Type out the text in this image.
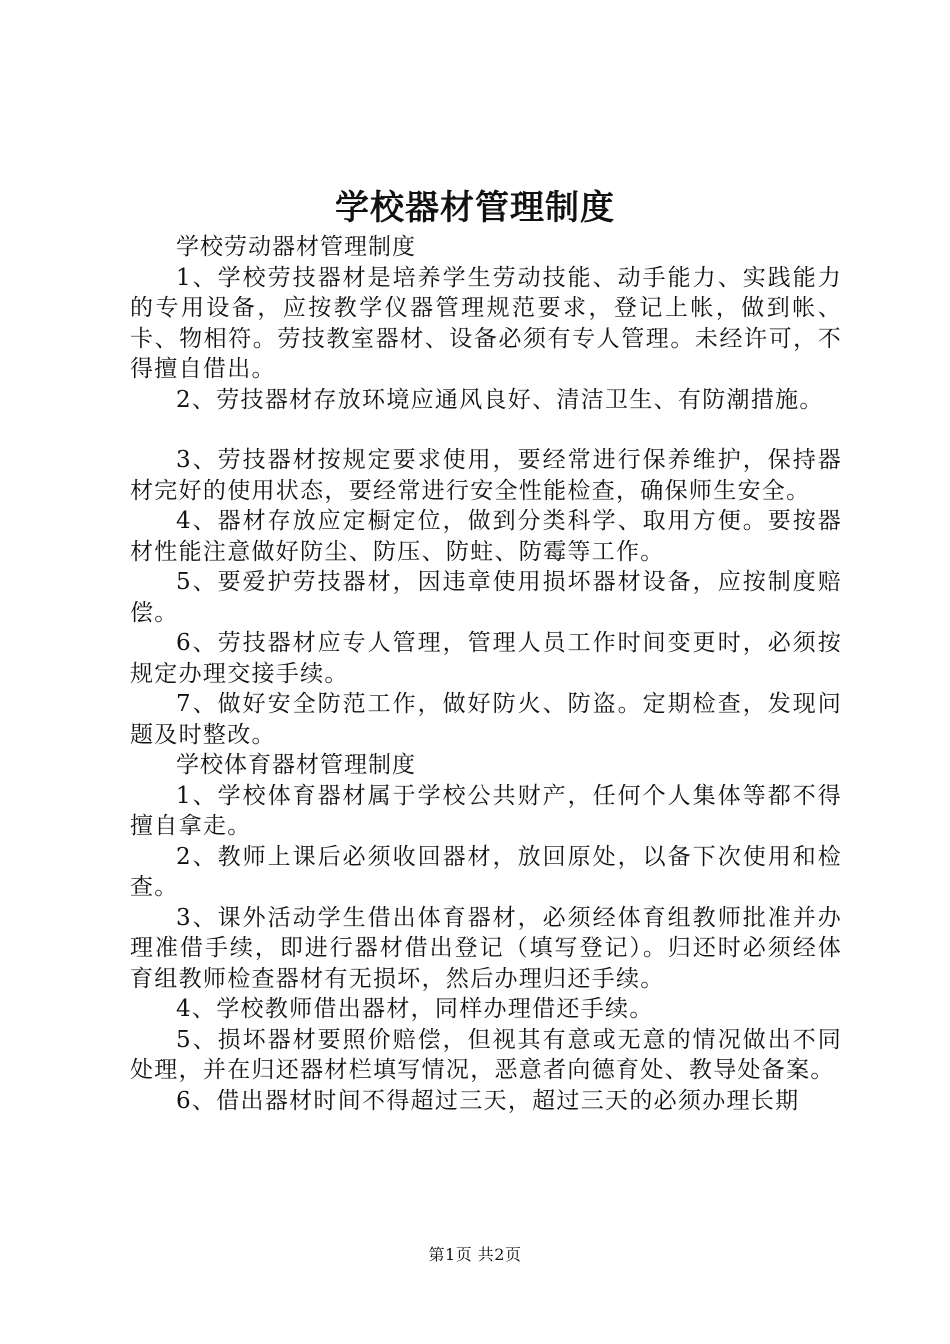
学校器材管理制度

学校劳动器材管理制度

1、学校劳技器材是培养学生劳动技能、动手能力、实践能力的专用设备，应按教学仪器管理规范要求，登记上帐，做到帐、卡、物相符。劳技教室器材、设备必须有专人管理。未经许可，不得擅自借出。

2、劳技器材存放环境应通风良好、清洁卫生、有防潮措施。

3、劳技器材按规定要求使用，要经常进行保养维护，保持器材完好的使用状态，要经常进行安全性能检查，确保师生安全。

4、器材存放应定橱定位，做到分类科学、取用方便。要按器材性能注意做好防尘、防压、防蛀、防霉等工作。

5、要爱护劳技器材，因违章使用损坏器材设备，应按制度赔偿。

6、劳技器材应专人管理，管理人员工作时间变更时，必须按规定办理交接手续。

7、做好安全防范工作，做好防火、防盗。定期检查，发现问题及时整改。

学校体育器材管理制度

1、学校体育器材属于学校公共财产，任何个人集体等都不得擅自拿走。

2、教师上课后必须收回器材，放回原处，以备下次使用和检查。

3、课外活动学生借出体育器材，必须经体育组教师批准并办理准借手续，即进行器材借出登记（填写登记）。归还时必须经体育组教师检查器材有无损坏，然后办理归还手续。

4、学校教师借出器材，同样办理借还手续。

5、损坏器材要照价赔偿，但视其有意或无意的情况做出不同处理，并在归还器材栏填写情况，恶意者向德育处、教导处备案。

6、借出器材时间不得超过三天，超过三天的必须办理长期

第1页 共2页
